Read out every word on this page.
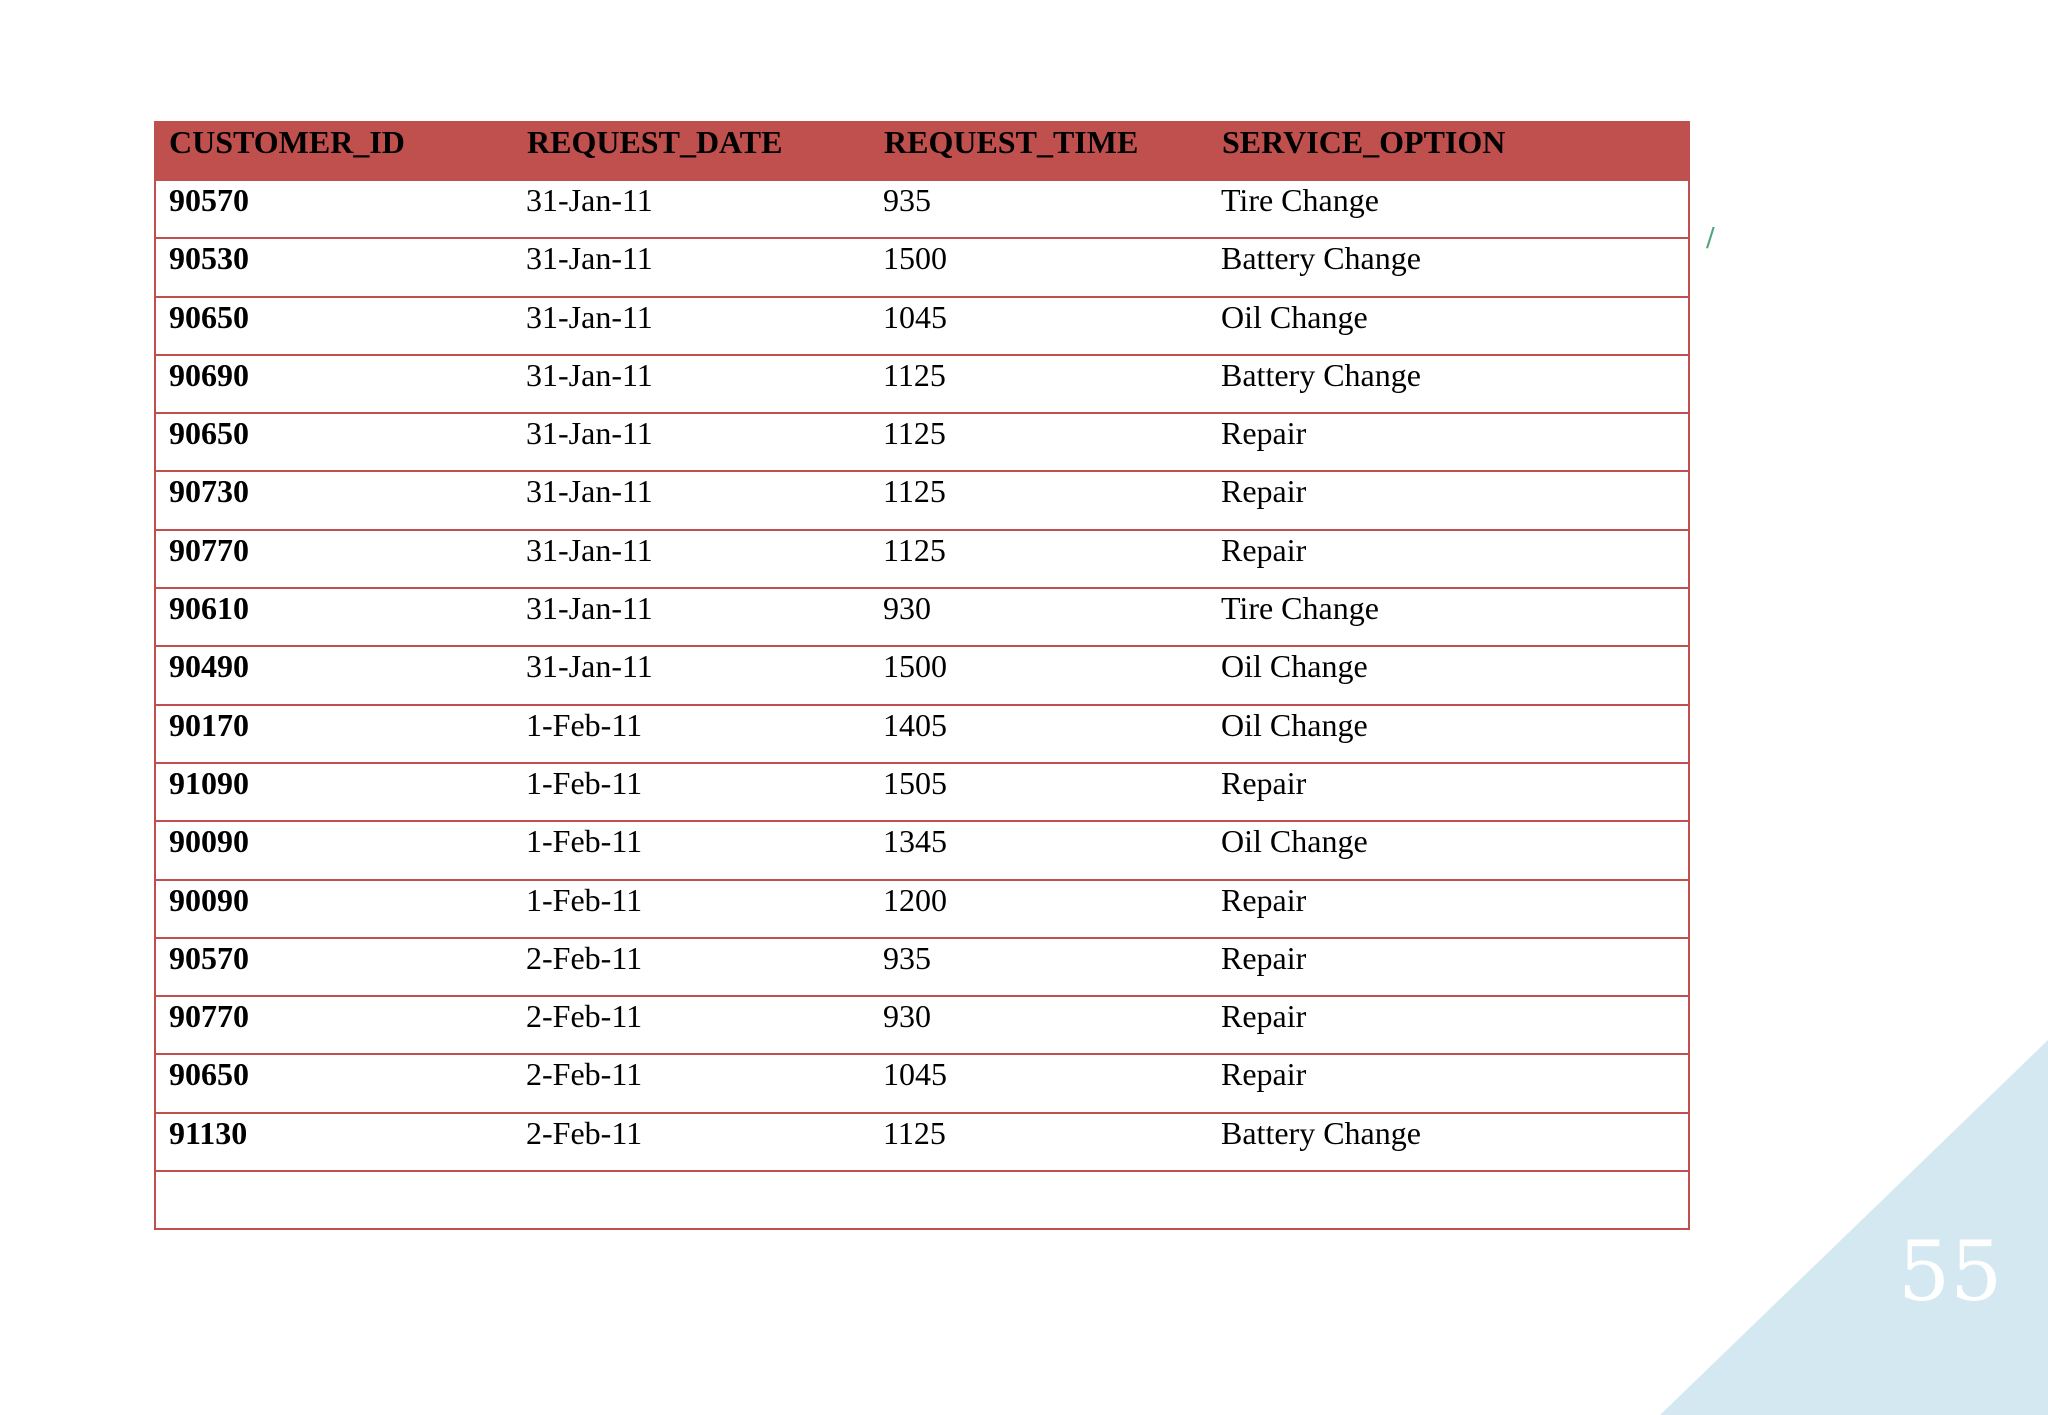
CUSTOMER_ID	REQUEST_DATE	REQUEST_TIME	SERVICE_OPTION
90570	31-Jan-11	935	Tire Change
90530	31-Jan-11	1500	Battery Change
90650	31-Jan-11	1045	Oil Change
90690	31-Jan-11	1125	Battery Change
90650	31-Jan-11	1125	Repair
90730	31-Jan-11	1125	Repair
90770	31-Jan-11	1125	Repair
90610	31-Jan-11	930	Tire Change
90490	31-Jan-11	1500	Oil Change
90170	1-Feb-11	1405	Oil Change
91090	1-Feb-11	1505	Repair
90090	1-Feb-11	1345	Oil Change
90090	1-Feb-11	1200	Repair
90570	2-Feb-11	935	Repair
90770	2-Feb-11	930	Repair
90650	2-Feb-11	1045	Repair
91130	2-Feb-11	1125	Battery Change

/
55
